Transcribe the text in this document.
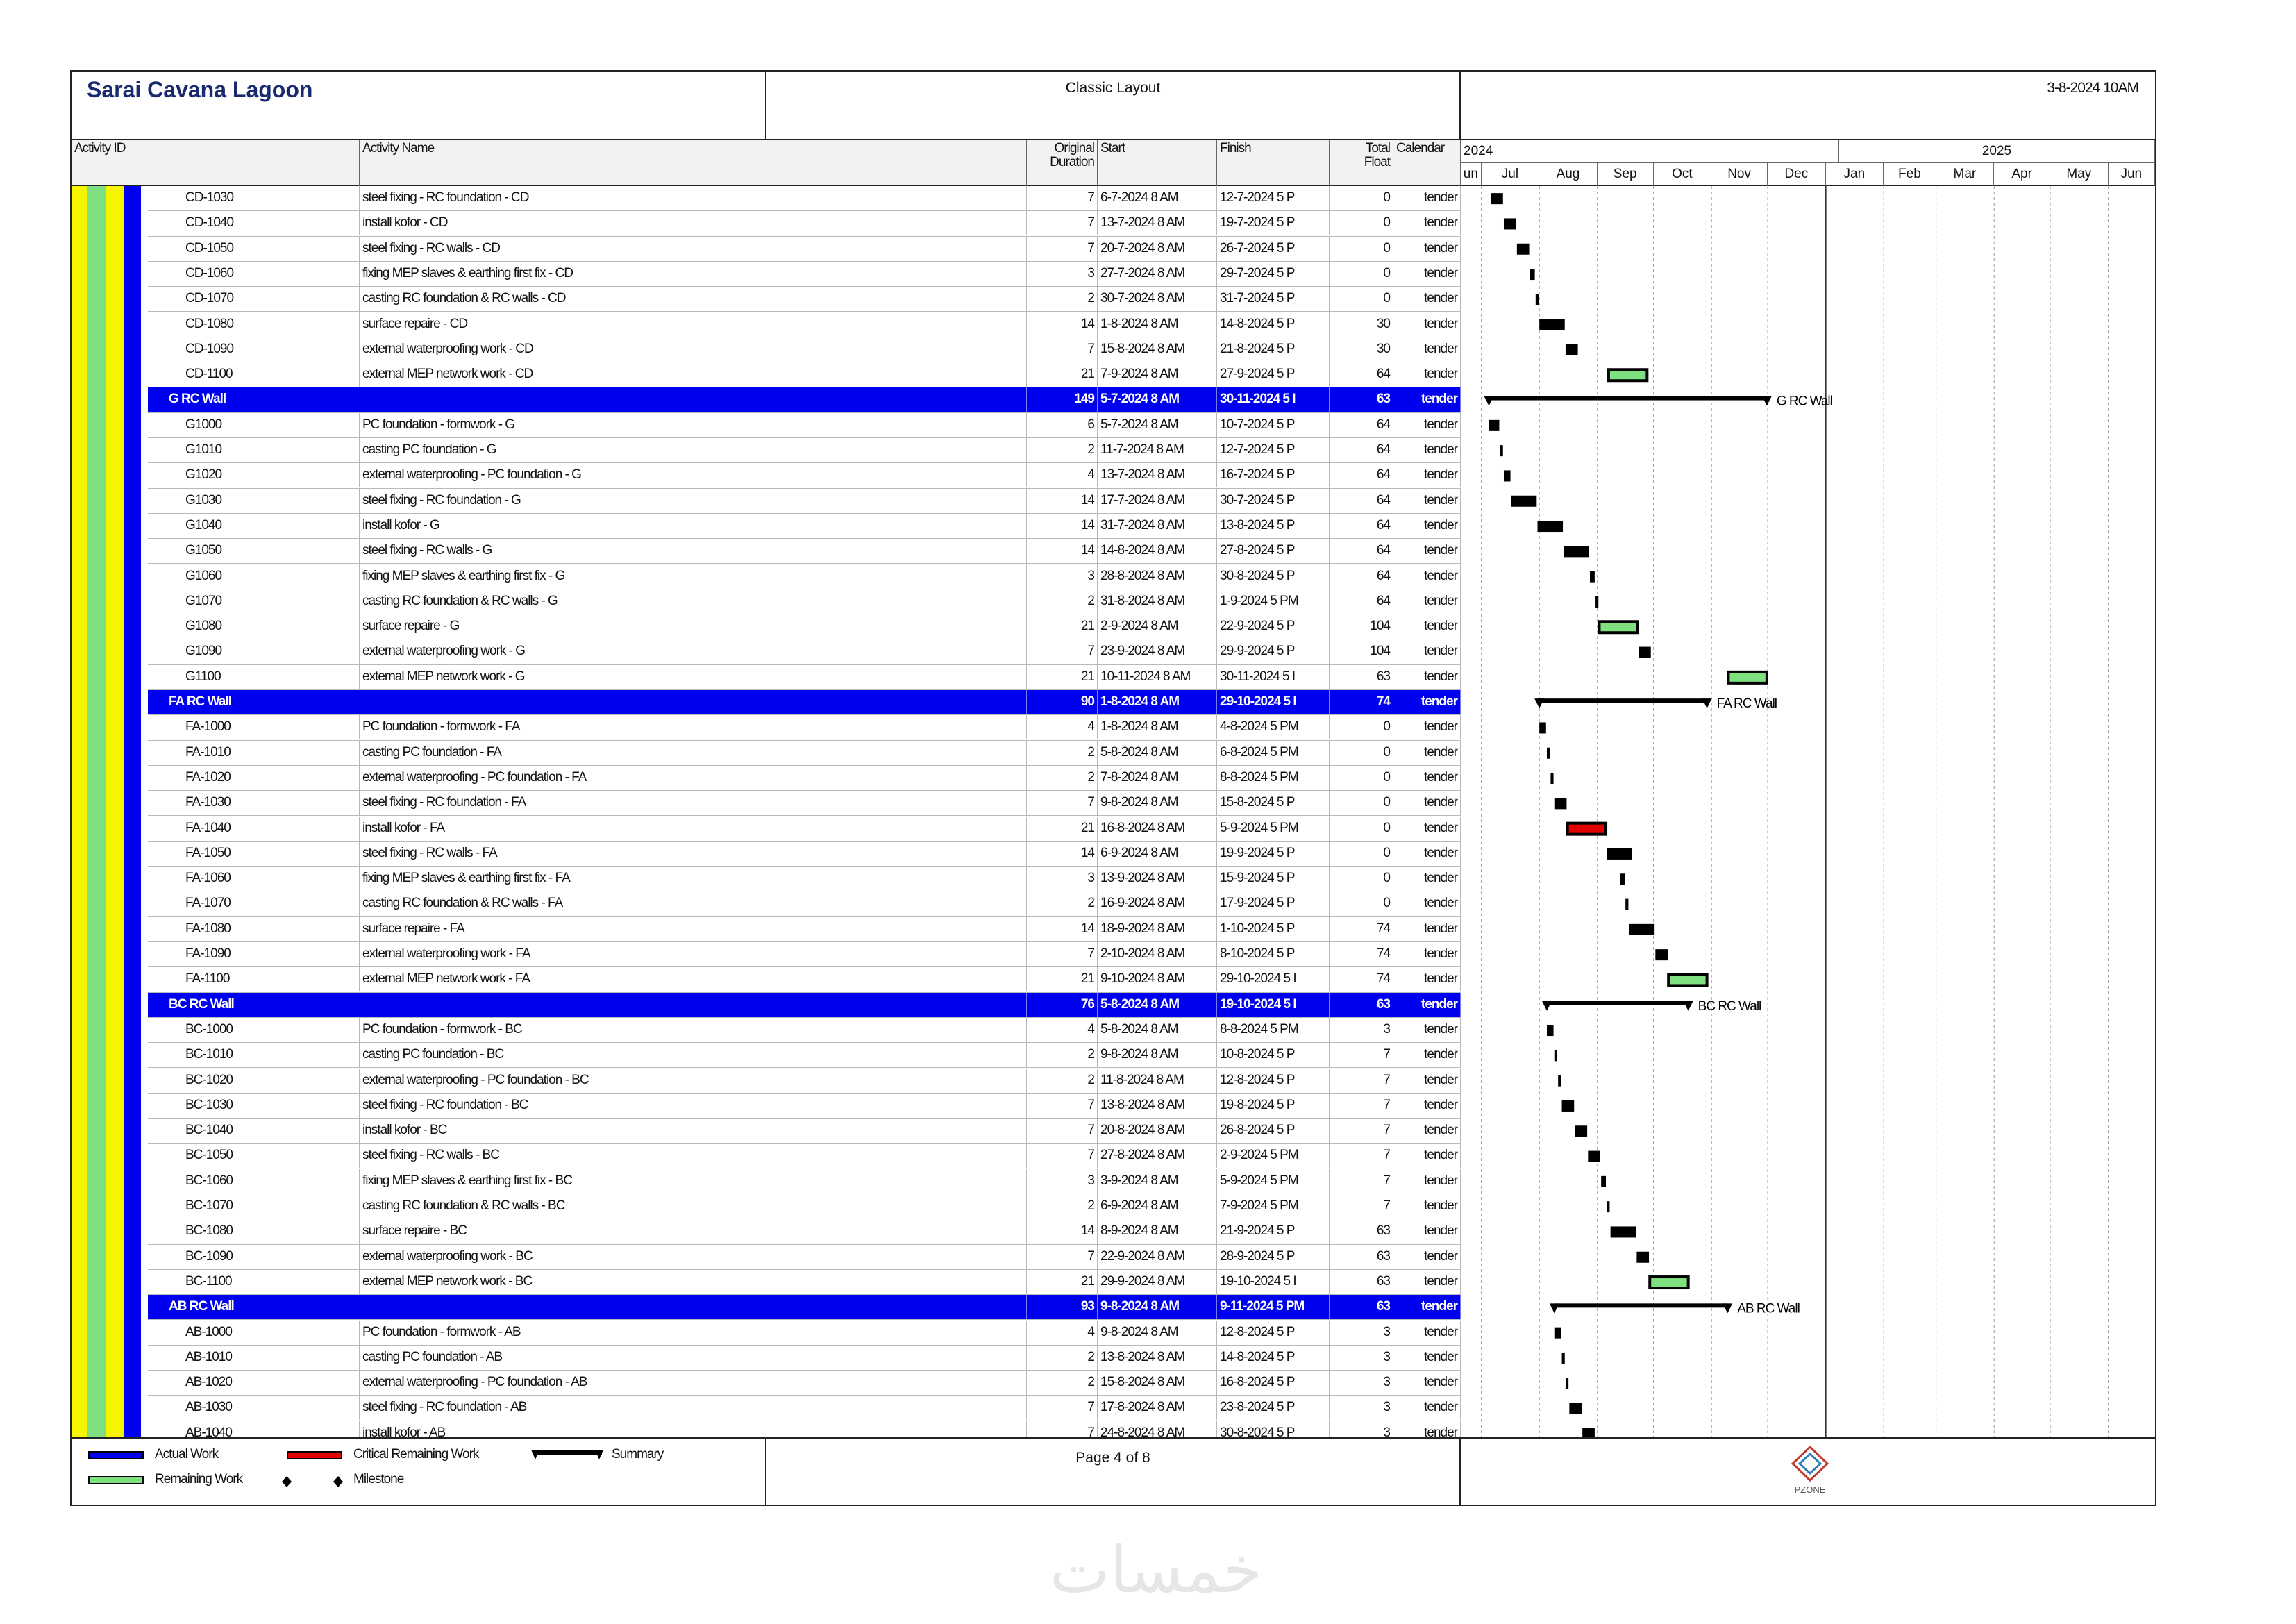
Sarai Cavana Lagoon	Classic Layout	3-8-2024 10AM
Activity ID	Activity Name	Original
Duration
Start	Finish	Total
Float
Calendar	2024	2025
un	Jul	Aug	Sep	Oct	Nov	Dec	Jan	Feb	Mar	Apr	May	Jun
CD-1030	steel fixing - RC foundation - CD	7 6-7-2024 8 AM	12-7-2024 5 P	0	tender
CD-1040	install kofor - CD	7 13-7-2024 8 AM	19-7-2024 5 P	0	tender
CD-1050	steel fixing - RC walls - CD	7 20-7-2024 8 AM	26-7-2024 5 P	0	tender
CD-1060	fixing MEP slaves & earthing first fix - CD	3 27-7-2024 8 AM	29-7-2024 5 P	0	tender
CD-1070	casting RC foundation & RC walls - CD	2 30-7-2024 8 AM	31-7-2024 5 P	0	tender
CD-1080	surface repaire - CD	14 1-8-2024 8 AM	14-8-2024 5 P	30	tender
CD-1090	external waterproofing work - CD	7 15-8-2024 8 AM	21-8-2024 5 P	30	tender
CD-1100	external MEP network work - CD	21 7-9-2024 8 AM	27-9-2024 5 P	64	tender
G RC Wall	149 5-7-2024 8 AM	30-11-2024 5 I	63	tender
G1000	PC foundation - formwork - G	6 5-7-2024 8 AM	10-7-2024 5 P	64	tender
G1010	casting PC foundation - G	2 11-7-2024 8 AM	12-7-2024 5 P	64	tender
G1020	external waterproofing - PC foundation - G	4 13-7-2024 8 AM	16-7-2024 5 P	64	tender
G1030	steel fixing - RC foundation - G	14 17-7-2024 8 AM	30-7-2024 5 P	64	tender
G1040	install kofor - G	14 31-7-2024 8 AM	13-8-2024 5 P	64	tender
G1050	steel fixing - RC walls - G	14 14-8-2024 8 AM	27-8-2024 5 P	64	tender
G1060	fixing MEP slaves & earthing first fix - G	3 28-8-2024 8 AM	30-8-2024 5 P	64	tender
G1070	casting RC foundation & RC walls - G	2 31-8-2024 8 AM	1-9-2024 5 PM	64	tender
G1080	surface repaire - G	21 2-9-2024 8 AM	22-9-2024 5 P	104	tender
G1090	external waterproofing work - G	7 23-9-2024 8 AM	29-9-2024 5 P	104	tender
G1100	external MEP network work - G	21 10-11-2024 8 AM	30-11-2024 5 I	63	tender
FA RC Wall	90 1-8-2024 8 AM	29-10-2024 5 I	74	tender
FA-1000	PC foundation - formwork - FA	4 1-8-2024 8 AM	4-8-2024 5 PM	0	tender
FA-1010	casting PC foundation - FA	2 5-8-2024 8 AM	6-8-2024 5 PM	0	tender
FA-1020	external waterproofing - PC foundation - FA	2 7-8-2024 8 AM	8-8-2024 5 PM	0	tender
FA-1030	steel fixing - RC foundation - FA	7 9-8-2024 8 AM	15-8-2024 5 P	0	tender
FA-1040	install kofor - FA	21 16-8-2024 8 AM	5-9-2024 5 PM	0	tender
FA-1050	steel fixing - RC walls - FA	14 6-9-2024 8 AM	19-9-2024 5 P	0	tender
FA-1060	fixing MEP slaves & earthing first fix - FA	3 13-9-2024 8 AM	15-9-2024 5 P	0	tender
FA-1070	casting RC foundation & RC walls - FA	2 16-9-2024 8 AM	17-9-2024 5 P	0	tender
FA-1080	surface repaire - FA	14 18-9-2024 8 AM	1-10-2024 5 P	74	tender
FA-1090	external waterproofing work - FA	7 2-10-2024 8 AM	8-10-2024 5 P	74	tender
FA-1100	external MEP network work - FA	21 9-10-2024 8 AM	29-10-2024 5 I	74	tender
BC RC Wall	76 5-8-2024 8 AM	19-10-2024 5 I	63	tender
BC-1000	PC foundation - formwork - BC	4 5-8-2024 8 AM	8-8-2024 5 PM	3	tender
BC-1010	casting PC foundation - BC	2 9-8-2024 8 AM	10-8-2024 5 P	7	tender
BC-1020	external waterproofing - PC foundation - BC	2 11-8-2024 8 AM	12-8-2024 5 P	7	tender
BC-1030	steel fixing - RC foundation - BC	7 13-8-2024 8 AM	19-8-2024 5 P	7	tender
BC-1040	install kofor - BC	7 20-8-2024 8 AM	26-8-2024 5 P	7	tender
BC-1050	steel fixing - RC walls - BC	7 27-8-2024 8 AM	2-9-2024 5 PM	7	tender
BC-1060	fixing MEP slaves & earthing first fix - BC	3 3-9-2024 8 AM	5-9-2024 5 PM	7	tender
BC-1070	casting RC foundation & RC walls - BC	2 6-9-2024 8 AM	7-9-2024 5 PM	7	tender
BC-1080	surface repaire - BC	14 8-9-2024 8 AM	21-9-2024 5 P	63	tender
BC-1090	external waterproofing work - BC	7 22-9-2024 8 AM	28-9-2024 5 P	63	tender
BC-1100	external MEP network work - BC	21 29-9-2024 8 AM	19-10-2024 5 I	63	tender
AB RC Wall	93 9-8-2024 8 AM	9-11-2024 5 PM	63	tender
AB-1000	PC foundation - formwork - AB	4 9-8-2024 8 AM	12-8-2024 5 P	3	tender
AB-1010	casting PC foundation - AB	2 13-8-2024 8 AM	14-8-2024 5 P	3	tender
AB-1020	external waterproofing - PC foundation - AB	2 15-8-2024 8 AM	16-8-2024 5 P	3	tender
AB-1030	steel fixing - RC foundation - AB	7 17-8-2024 8 AM	23-8-2024 5 P	3	tender
AB-1040	install kofor - AB	7 24-8-2024 8 AM	30-8-2024 5 P	3	tender
G RC Wall
FA RC Wall
BC RC Wall
AB RC Wall
Actual Work
Remaining Work
Critical Remaining Work
Milestone
Summary	Page 4 of 8
PZONE
خمسات
